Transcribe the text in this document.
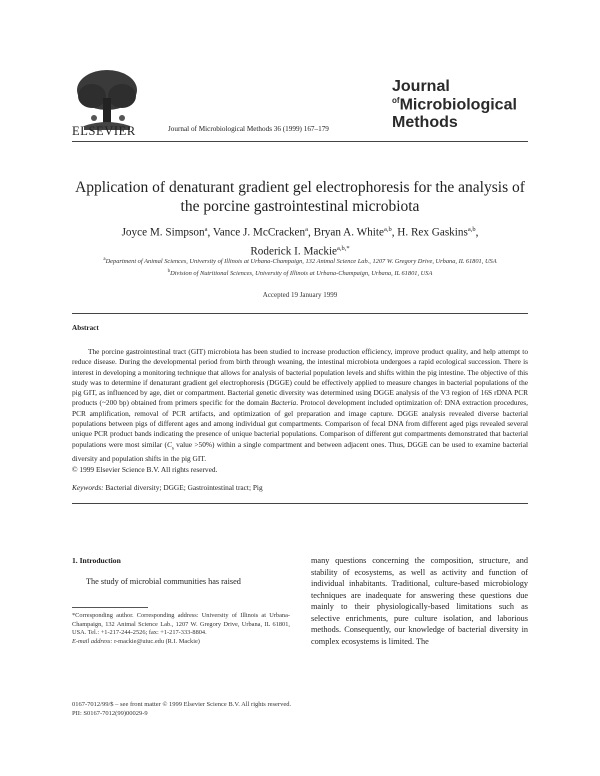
ELSEVIER	Journal of Microbiological Methods 36 (1999) 167–179
Journal
$^{of}$Microbiological
Methods
Application of denaturant gradient gel electrophoresis for the analysis of the porcine gastrointestinal microbiota
Joyce M. Simpson$^a$, Vance J. McCracken$^a$, Bryan A. White$^{a,b}$, H. Rex Gaskins$^{a,b}$,
Roderick I. Mackie$^{a,b,*}$
$^a$Department of Animal Sciences, University of Illinois at Urbana-Champaign, 132 Animal Science Lab., 1207 W. Gregory Drive, Urbana, IL 61801, USA
$^b$Division of Nutritional Sciences, University of Illinois at Urbana-Champaign, Urbana, IL 61801, USA
Accepted 19 January 1999
Abstract
The porcine gastrointestinal tract (GIT) microbiota has been studied to increase production efficiency, improve product quality, and help attempt to reduce disease. During the developmental period from birth through weaning, the intestinal microbiota undergoes a rapid ecological succession. There is interest in developing a monitoring technique that allows for analysis of bacterial population levels and shifts within the pig intestine. The objective of this study was to determine if denaturant gradient gel electrophoresis (DGGE) could be effectively applied to measure changes in bacterial populations of the pig GIT, as influenced by age, diet or compartment. Bacterial genetic diversity was determined using DGGE analysis of the V3 region of 16S rDNA PCR products (~200 bp) obtained from primers specific for the domain Bacteria. Protocol development included optimization of: DNA extraction procedures, PCR amplification, removal of PCR artifacts, and optimization of gel preparation and image capture. DGGE analysis revealed diverse bacterial populations between pigs of different ages and among individual gut compartments. Comparison of fecal DNA from different aged pigs revealed several unique PCR product bands indicating the presence of unique bacterial populations. Comparison of different gut compartments demonstrated that bacterial populations were most similar ($C_s$ value >50%) within a single compartment and between adjacent ones. Thus, DGGE can be used to examine bacterial diversity and population shifts in the pig GIT.
© 1999 Elsevier Science B.V. All rights reserved.
Keywords: Bacterial diversity; DGGE; Gastrointestinal tract; Pig
1. Introduction
The study of microbial communities has raised
many questions concerning the composition, structure, and stability of ecosystems, as well as activity and function of individual inhabitants. Traditional, culture-based microbiology techniques are inadequate for answering these questions due mainly to their physiologically-based limitations such as selective enrichments, pure culture isolation, and laborious methods. Consequently, our knowledge of bacterial diversity in complex ecosystems is limited. The
*Corresponding author. Corresponding address: University of Illinois at Urbana-Champaign, 132 Animal Science Lab., 1207 W. Gregory Drive, Urbana, IL 61801, USA. Tel.: +1-217-244-2526; fax: +1-217-333-8804.
E-mail address: r-mackie@uiuc.edu (R.I. Mackie)
0167-7012/99/$ – see front matter © 1999 Elsevier Science B.V. All rights reserved.
PII: S0167-7012(99)00029-9
